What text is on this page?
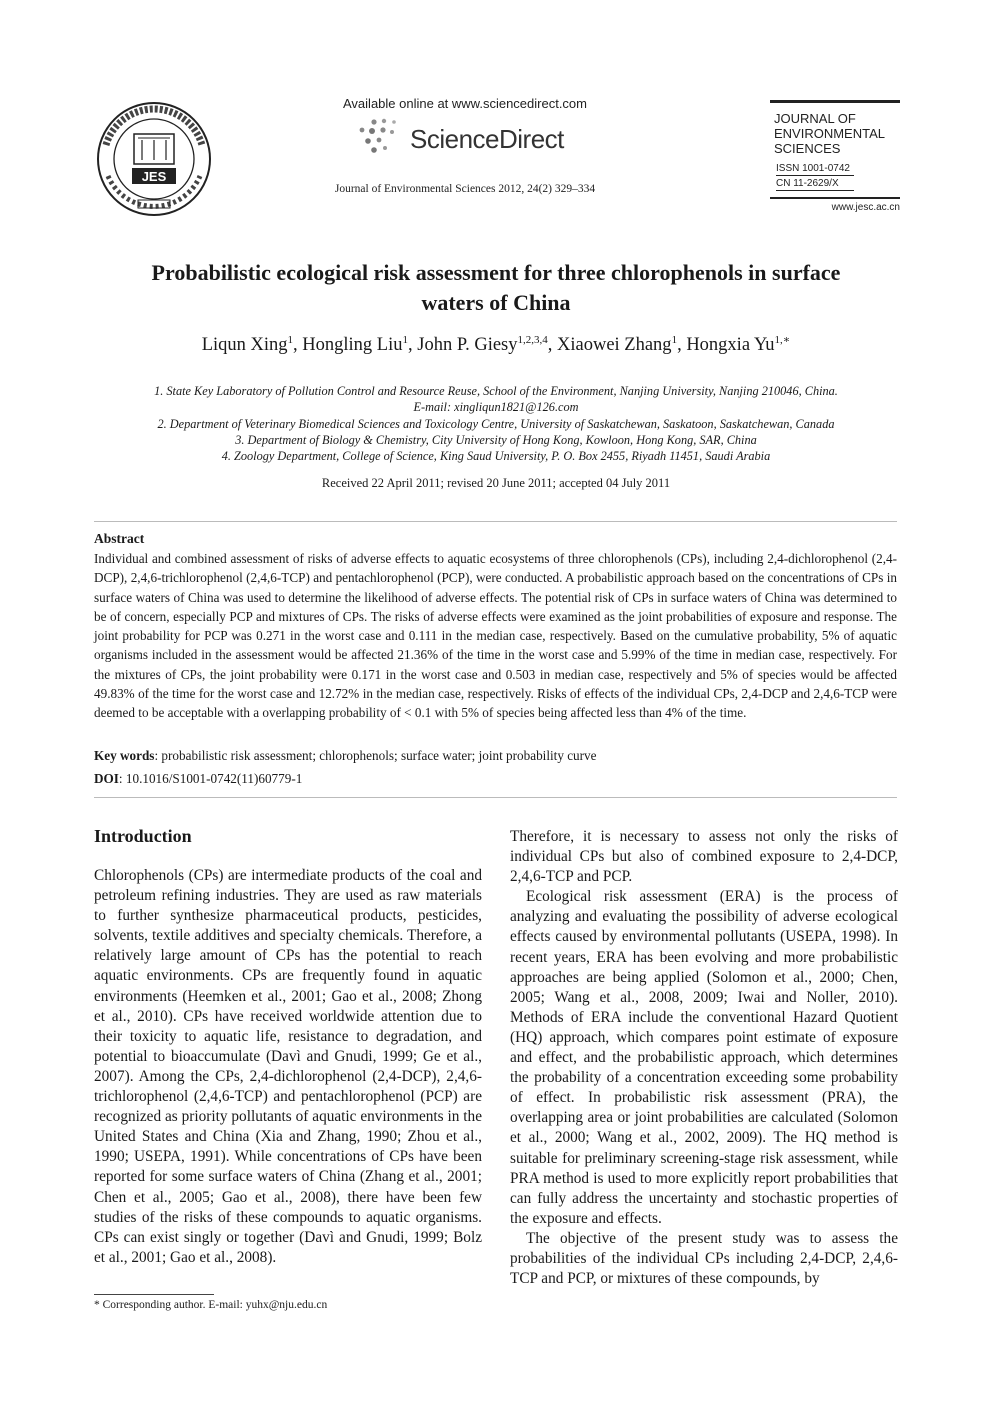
JES
Available online at www.sciencedirect.com
ScienceDirect
Journal of Environmental Sciences 2012, 24(2) 329–334
JOURNAL OF
ENVIRONMENTAL
SCIENCES
ISSN 1001-0742
CN 11-2629/X
www.jesc.ac.cn
Probabilistic ecological risk assessment for three chlorophenols in surface
waters of China
Liqun Xing$^1$, Hongling Liu$^1$, John P. Giesy$^{1,2,3,4}$, Xiaowei Zhang$^1$, Hongxia $Yu^{1,∗}$
1. State Key Laboratory of Pollution Control and Resource Reuse, School of the Environment, Nanjing University, Nanjing 210046, China.
E-mail: xingliqun1821@126.com
2. Department of Veterinary Biomedical Sciences and Toxicology Centre, University of Saskatchewan, Saskatoon, Saskatchewan, Canada
3. Department of Biology & Chemistry, City University of Hong Kong, Kowloon, Hong Kong, SAR, China
4. Zoology Department, College of Science, King Saud University, P. O. Box 2455, Riyadh 11451, Saudi Arabia
Received 22 April 2011; revised 20 June 2011; accepted 04 July 2011
Abstract
Individual and combined assessment of risks of adverse effects to aquatic ecosystems of three chlorophenols (CPs), including 2,4-dichlorophenol (2,4-DCP), 2,4,6-trichlorophenol (2,4,6-TCP) and pentachlorophenol (PCP), were conducted. A probabilistic approach based on the concentrations of CPs in surface waters of China was used to determine the likelihood of adverse effects. The potential risk of CPs in surface waters of China was determined to be of concern, especially PCP and mixtures of CPs. The risks of adverse effects were examined as the joint probabilities of exposure and response. The joint probability for PCP was 0.271 in the worst case and 0.111 in the median case, respectively. Based on the cumulative probability, 5% of aquatic organisms included in the assessment would be affected 21.36% of the time in the worst case and 5.99% of the time in median case, respectively. For the mixtures of CPs, the joint probability were 0.171 in the worst case and 0.503 in median case, respectively and 5% of species would be affected 49.83% of the time for the worst case and 12.72% in the median case, respectively. Risks of effects of the individual CPs, 2,4-DCP and 2,4,6-TCP were deemed to be acceptable with a overlapping probability of < 0.1 with 5% of species being affected less than 4% of the time.
Key words: probabilistic risk assessment; chlorophenols; surface water; joint probability curve
DOI: 10.1016/S1001-0742(11)60779-1
Introduction

Chlorophenols (CPs) are intermediate products of the coal and petroleum refining industries. They are used as raw materials to further synthesize pharmaceutical products, pesticides, solvents, textile additives and specialty chemicals. Therefore, a relatively large amount of CPs has the potential to reach aquatic environments. CPs are frequently found in aquatic environments (Heemken et al., 2001; Gao et al., 2008; Zhong et al., 2010). CPs have received worldwide attention due to their toxicity to aquatic life, resistance to degradation, and potential to bioaccumulate (Davì and Gnudi, 1999; Ge et al., 2007). Among the CPs, 2,4-dichlorophenol (2,4-DCP), 2,4,6-trichlorophenol (2,4,6-TCP) and pentachlorophenol (PCP) are recognized as priority pollutants of aquatic environments in the United States and China (Xia and Zhang, 1990; Zhou et al., 1990; USEPA, 1991). While concentrations of CPs have been reported for some surface waters of China (Zhang et al., 2001; Chen et al., 2005; Gao et al., 2008), there have been few studies of the risks of these compounds to aquatic organisms. CPs can exist singly or together (Davì and Gnudi, 1999; Bolz et al., 2001; Gao et al., 2008).

Therefore, it is necessary to assess not only the risks of individual CPs but also of combined exposure to 2,4-DCP, 2,4,6-TCP and PCP.

Ecological risk assessment (ERA) is the process of analyzing and evaluating the possibility of adverse ecological effects caused by environmental pollutants (USEPA, 1998). In recent years, ERA has been evolving and more probabilistic approaches are being applied (Solomon et al., 2000; Chen, 2005; Wang et al., 2008, 2009; Iwai and Noller, 2010). Methods of ERA include the conventional Hazard Quotient (HQ) approach, which compares point estimate of exposure and effect, and the probabilistic approach, which determines the probability of a concentration exceeding some probability of effect. In probabilistic risk assessment (PRA), the overlapping area or joint probabilities are calculated (Solomon et al., 2000; Wang et al., 2002, 2009). The HQ method is suitable for preliminary screening-stage risk assessment, while PRA method is used to more explicitly report probabilities that can fully address the uncertainty and stochastic properties of the exposure and effects.

The objective of the present study was to assess the probabilities of the individual CPs including 2,4-DCP, 2,4,6-TCP and PCP, or mixtures of these compounds, by

* Corresponding author. E-mail: yuhx@nju.edu.cn
